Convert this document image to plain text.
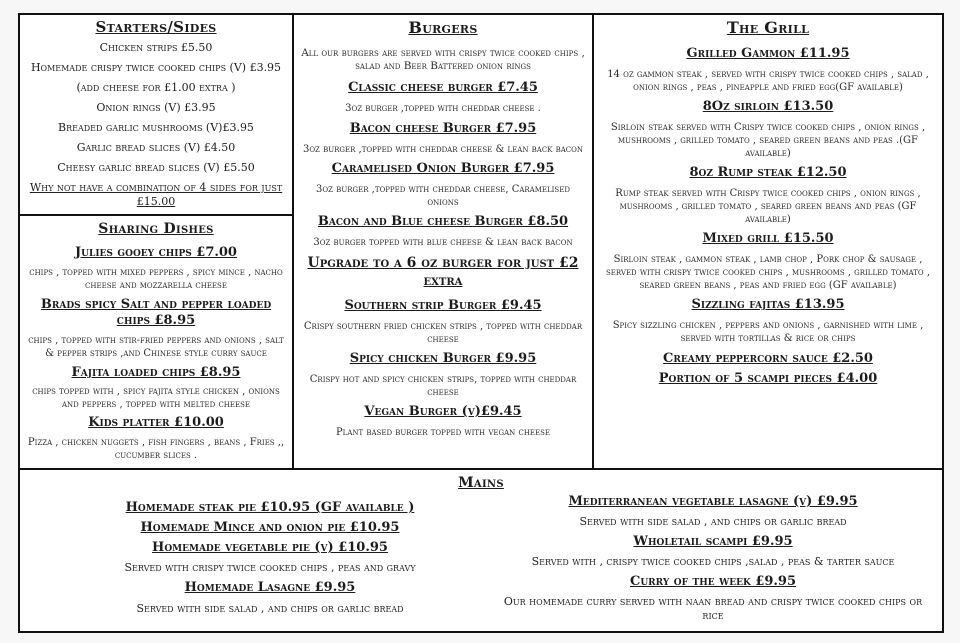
Starters/Sides
Chicken strips £5.50
Homemade crispy twice cooked chips (V) £3.95
(add cheese for £1.00 extra )
Onion rings (V) £3.95
Breaded garlic mushrooms (V)£3.95
Garlic bread slices (V) £4.50
Cheesy garlic bread slices (V) £5.50
Why not have a combination of 4 sides for just £15.00
Sharing Dishes
Julies gooey chips £7.00
chips , topped with mixed peppers , spicy mince , nacho cheese and mozzarella cheese
Brads spicy Salt and pepper loaded chips £8.95
chips , topped with stir-fried peppers and onions , salt & pepper strips ,and Chinese style curry sauce
Fajita loaded chips £8.95
chips topped with , spicy fajita style chicken , onions and peppers , topped with melted cheese
Kids platter £10.00
Pizza , chicken nuggets , fish fingers , beans , Fries ,, cucumber slices .
Burgers
All our burgers are served with crispy twice cooked chips , salad and Beer Battered onion rings
Classic cheese burger £7.45
3oz burger ,topped with cheddar cheese .
Bacon cheese Burger £7.95
3oz burger ,topped with cheddar cheese & lean back bacon
Caramelised Onion Burger £7.95
3oz burger ,topped with cheddar cheese, Caramelised onions
Bacon and Blue cheese Burger £8.50
3oz burger topped with blue cheese & lean back bacon
Upgrade to a 6 oz burger for just £2 extra
Southern strip Burger £9.45
Crispy southern fried chicken strips , topped with cheddar cheese
Spicy chicken Burger £9.95
Crispy hot and spicy chicken strips, topped with cheddar cheese
Vegan Burger (v)£9.45
Plant based burger topped with vegan cheese
The Grill
Grilled Gammon £11.95
14 oz gammon steak , served with crispy twice cooked chips , salad , onion rings , peas , pineapple and fried egg(GF available)
8Oz sirloin £13.50
Sirloin steak served with Crispy twice cooked chips , onion rings , mushrooms , grilled tomato , seared green beans and peas .(GF available)
8oz Rump steak £12.50
Rump steak served with Crispy twice cooked chips , onion rings , mushrooms , grilled tomato , seared green beans and peas (GF available)
Mixed grill £15.50
Sirloin steak , gammon steak , lamb chop , Pork chop & sausage , served with crispy twice cooked chips , mushrooms , grilled tomato , seared green beans , peas and fried egg (GF available)
Sizzling fajitas £13.95
Spicy sizzling chicken , peppers and onions , garnished with lime , served with tortillas & rice or chips
Creamy peppercorn sauce £2.50
Portion of 5 scampi pieces £4.00
Mains
Homemade steak pie £10.95 (GF available )
Homemade Mince and onion pie £10.95
Homemade vegetable pie (v) £10.95
Served with crispy twice cooked chips , peas and gravy
Homemade Lasagne £9.95
Served with side salad , and chips or garlic bread
Mediterranean vegetable lasagne (v) £9.95
Served with side salad , and chips or garlic bread
Wholetail scampi £9.95
Served with , crispy twice cooked chips ,salad , peas & tarter sauce
Curry of the week £9.95
Our homemade curry served with naan bread and crispy twice cooked chips or rice
